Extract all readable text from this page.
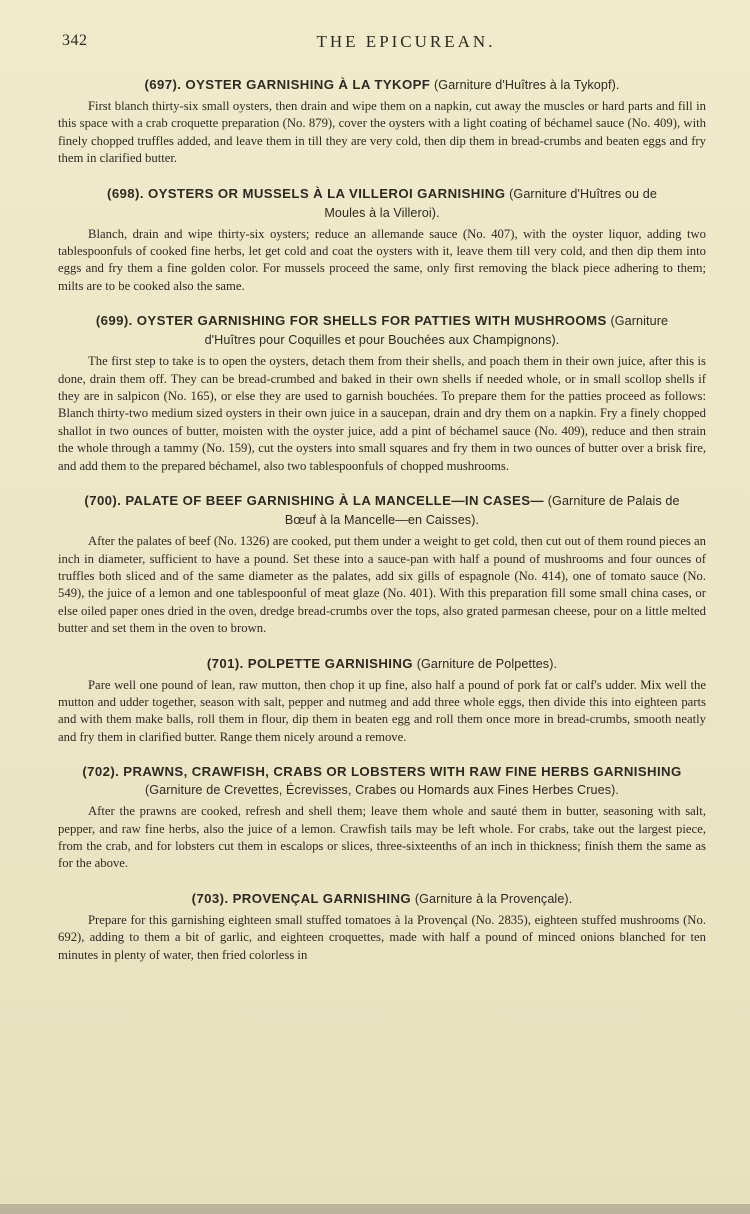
342	THE EPICUREAN.
(697). OYSTER GARNISHING À LA TYKOPF (Garniture d'Huîtres à la Tykopf).

First blanch thirty-six small oysters, then drain and wipe them on a napkin, cut away the muscles or hard parts and fill in this space with a crab croquette preparation (No. 879), cover the oysters with a light coating of béchamel sauce (No. 409), with finely chopped truffles added, and leave them in till they are very cold, then dip them in bread-crumbs and beaten eggs and fry them in clarified butter.

(698). OYSTERS OR MUSSELS À LA VILLEROI GARNISHING (Garniture d'Huîtres ou de
Moules à la Villeroi).

Blanch, drain and wipe thirty-six oysters; reduce an allemande sauce (No. 407), with the oyster liquor, adding two tablespoonfuls of cooked fine herbs, let get cold and coat the oysters with it, leave them till very cold, and then dip them into eggs and fry them a fine golden color. For mussels proceed the same, only first removing the black piece adhering to them; milts are to be cooked also the same.

(699). OYSTER GARNISHING FOR SHELLS FOR PATTIES WITH MUSHROOMS (Garniture
d'Huîtres pour Coquilles et pour Bouchées aux Champignons).

The first step to take is to open the oysters, detach them from their shells, and poach them in their own juice, after this is done, drain them off. They can be bread-crumbed and baked in their own shells if needed whole, or in small scollop shells if they are in salpicon (No. 165), or else they are used to garnish bouchées. To prepare them for the patties proceed as follows: Blanch thirty-two medium sized oysters in their own juice in a saucepan, drain and dry them on a napkin. Fry a finely chopped shallot in two ounces of butter, moisten with the oyster juice, add a pint of béchamel sauce (No. 409), reduce and then strain the whole through a tammy (No. 159), cut the oysters into small squares and fry them in two ounces of butter over a brisk fire, and add them to the prepared béchamel, also two tablespoonfuls of chopped mushrooms.

(700). PALATE OF BEEF GARNISHING À LA MANCELLE—IN CASES— (Garniture de Palais de
Bœuf à la Mancelle—en Caisses).

After the palates of beef (No. 1326) are cooked, put them under a weight to get cold, then cut out of them round pieces an inch in diameter, sufficient to have a pound. Set these into a sauce-pan with half a pound of mushrooms and four ounces of truffles both sliced and of the same diameter as the palates, add six gills of espagnole (No. 414), one of tomato sauce (No. 549), the juice of a lemon and one tablespoonful of meat glaze (No. 401). With this preparation fill some small china cases, or else oiled paper ones dried in the oven, dredge bread-crumbs over the tops, also grated parmesan cheese, pour on a little melted butter and set them in the oven to brown.

(701). POLPETTE GARNISHING (Garniture de Polpettes).

Pare well one pound of lean, raw mutton, then chop it up fine, also half a pound of pork fat or calf's udder. Mix well the mutton and udder together, season with salt, pepper and nutmeg and add three whole eggs, then divide this into eighteen parts and with them make balls, roll them in flour, dip them in beaten egg and roll them once more in bread-crumbs, smooth neatly and fry them in clarified butter. Range them nicely around a remove.

(702). PRAWNS, CRAWFISH, CRABS OR LOBSTERS WITH RAW FINE HERBS GARNISHING
(Garniture de Crevettes, Écrevisses, Crabes ou Homards aux Fines Herbes Crues).

After the prawns are cooked, refresh and shell them; leave them whole and sauté them in butter, seasoning with salt, pepper, and raw fine herbs, also the juice of a lemon. Crawfish tails may be left whole. For crabs, take out the largest piece, from the crab, and for lobsters cut them in escalops or slices, three-sixteenths of an inch in thickness; finish them the same as for the above.

(703). PROVENÇAL GARNISHING (Garniture à la Provençale).

Prepare for this garnishing eighteen small stuffed tomatoes à la Provençal (No. 2835), eighteen stuffed mushrooms (No. 692), adding to them a bit of garlic, and eighteen croquettes, made with half a pound of minced onions blanched for ten minutes in plenty of water, then fried colorless in
